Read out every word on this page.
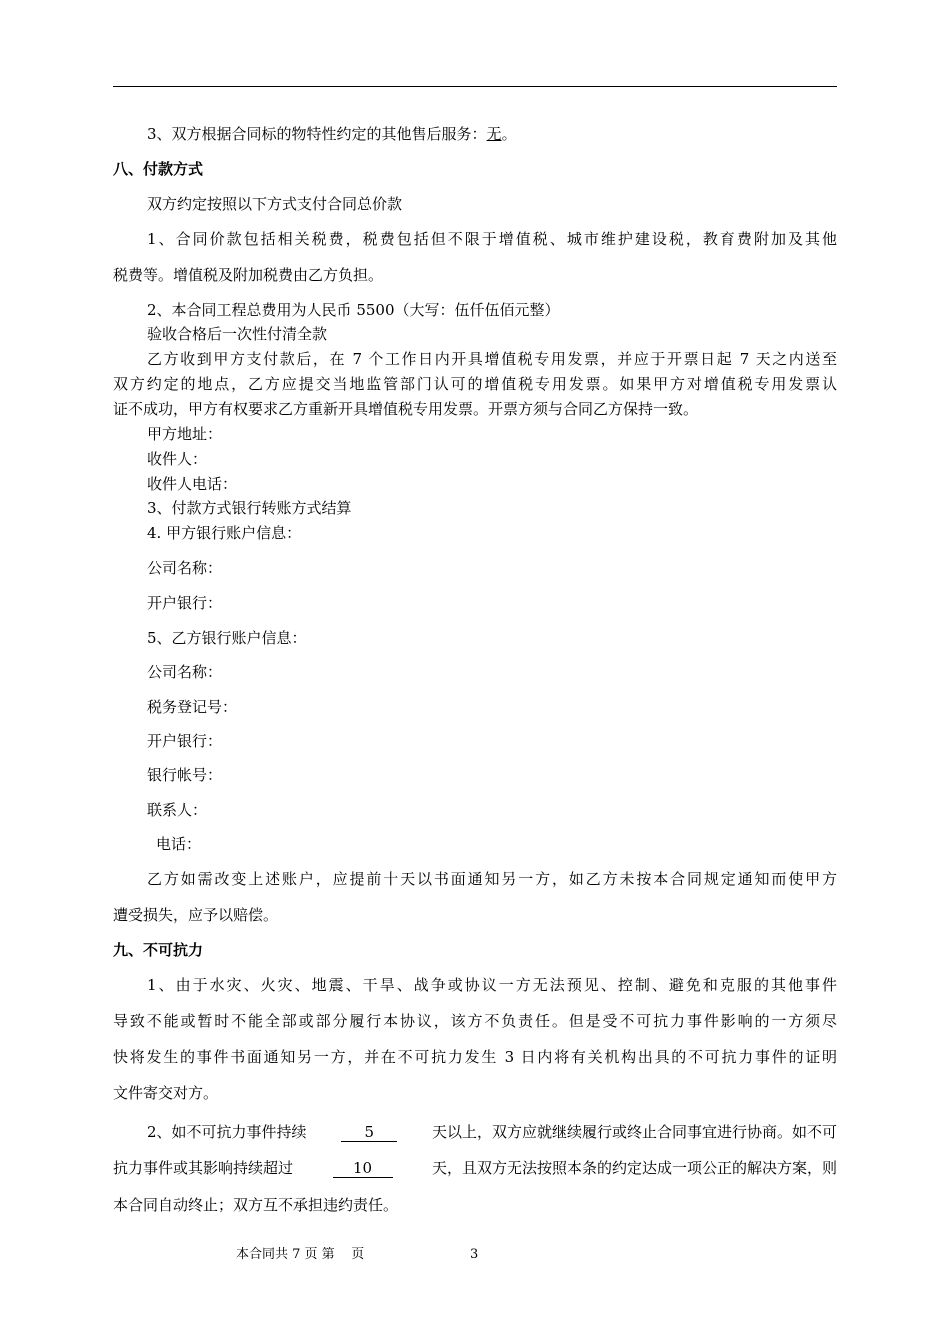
3、双方根据合同标的物特性约定的其他售后服务：无。
八、付款方式
双方约定按照以下方式支付合同总价款
1、合同价款包括相关税费，税费包括但不限于增值税、城市维护建设税，教育费附加及其他
税费等。增值税及附加税费由乙方负担。
2、本合同工程总费用为人民币 5500（大写：伍仟伍佰元整）
验收合格后一次性付清全款
乙方收到甲方支付款后，在 7 个工作日内开具增值税专用发票，并应于开票日起 7 天之内送至
双方约定的地点，乙方应提交当地监管部门认可的增值税专用发票。如果甲方对增值税专用发票认
证不成功，甲方有权要求乙方重新开具增值税专用发票。开票方须与合同乙方保持一致。
甲方地址：
收件人：
收件人电话：
3、付款方式银行转账方式结算
4. 甲方银行账户信息：
公司名称：
开户银行：
5、乙方银行账户信息：
公司名称：
税务登记号：
开户银行：
银行帐号：
联系人：
电话：
乙方如需改变上述账户，应提前十天以书面通知另一方，如乙方未按本合同规定通知而使甲方
遭受损失，应予以赔偿。
九、不可抗力
1、由于水灾、火灾、地震、干旱、战争或协议一方无法预见、控制、避免和克服的其他事件
导致不能或暂时不能全部或部分履行本协议，该方不负责任。但是受不可抗力事件影响的一方须尽
快将发生的事件书面通知另一方，并在不可抗力发生 3 日内将有关机构出具的不可抗力事件的证明
文件寄交对方。
2、如不可抗力事件持续	5	天以上，双方应就继续履行或终止合同事宜进行协商。如不可
抗力事件或其影响持续超过	10	天，且双方无法按照本条的约定达成一项公正的解决方案，则
本合同自动终止；双方互不承担违约责任。
本合同共 7 页 第    页	3
